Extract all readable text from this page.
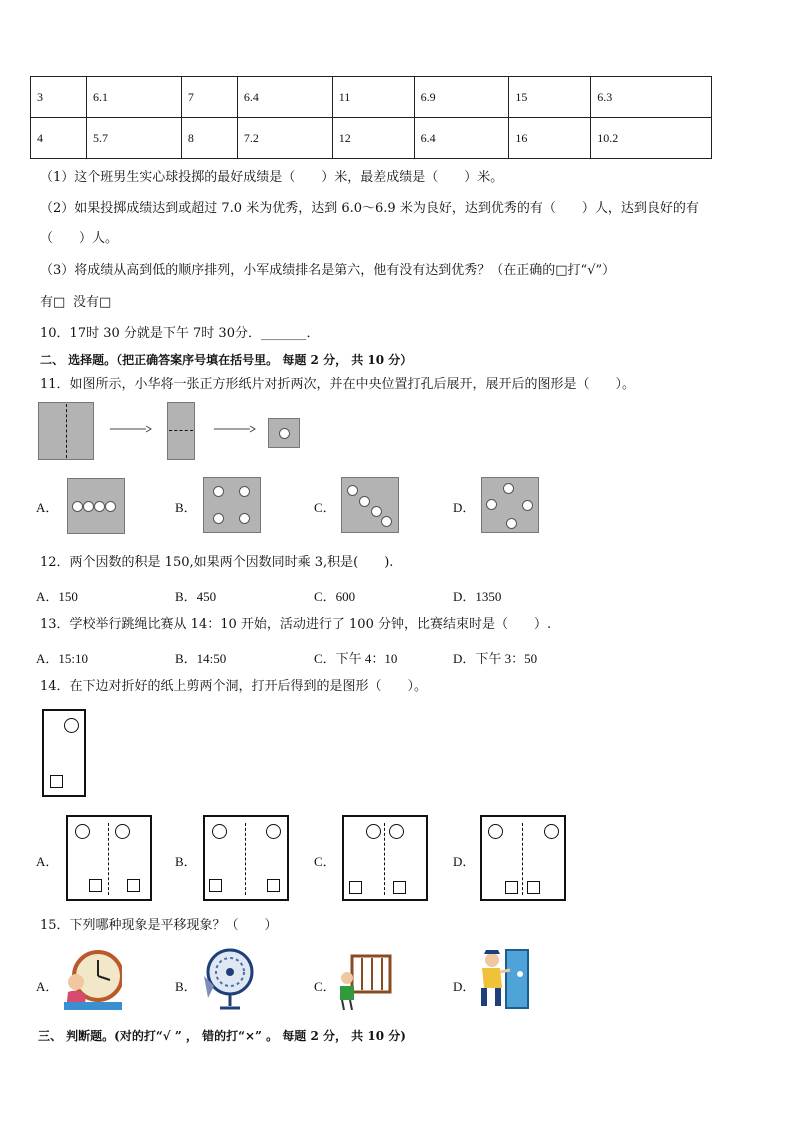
3	6.1	7	6.4	11	6.9	15	6.3
4	5.7	8	7.2	12	6.4	16	10.2
（1）这个班男生实心球投掷的最好成绩是（　　）米，最差成绩是（　　）米。
（2）如果投掷成绩达到或超过 7.0 米为优秀，达到 6.0～6.9 米为良好，达到优秀的有（　　）人，达到良好的有
（　　）人。
（3）将成绩从高到低的顺序排列，小军成绩排名是第六，他有没有达到优秀？（在正确的□打“√”）
有□ 没有□
10．17时 30 分就是下午 7时 30分．_______．
二、 选择题。（把正确答案序号填在括号里。 每题 2 分， 共 10 分）
11．如图所示，小华将一张正方形纸片对折两次，并在中央位置打孔后展开，展开后的图形是（　　）。
A．	B．	C．	D．
12．两个因数的积是 150,如果两个因数同时乘 3,积是(　　).
A．150	B．450	C．600	D．1350
13．学校举行跳绳比赛从 14：10 开始，活动进行了 100 分钟，比赛结束时是（　　）.
A．15:10	B．14:50	C．下午 4：10	D．下午 3：50
14．在下边对折好的纸上剪两个洞，打开后得到的是图形（　　）。
A．	B．	C．	D．
15．下列哪种现象是平移现象？（　　）
A．	B．	C．	D．
三、 判断题。(对的打“√ ” ， 错的打“×” 。 每题 2 分， 共 10 分)
